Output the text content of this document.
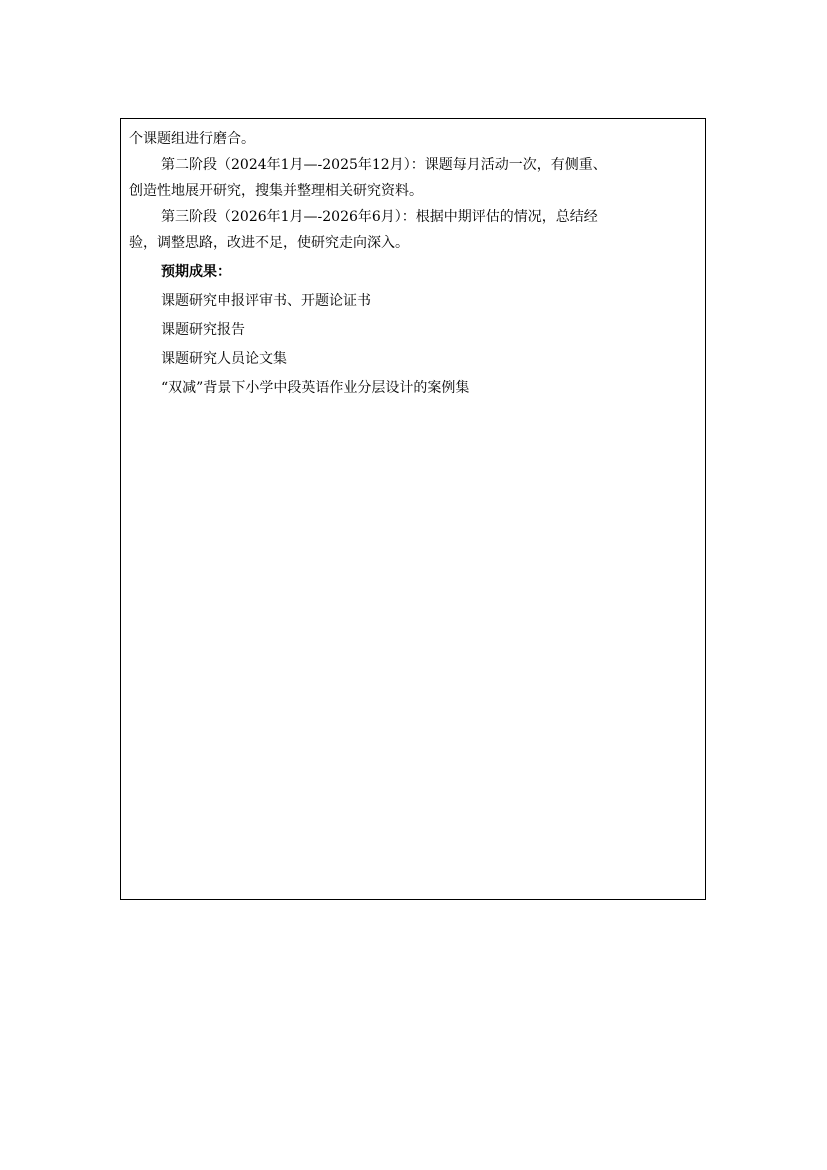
个课题组进行磨合。
第二阶段（2024年1月—-2025年12月）：课题每月活动一次，有侧重、
创造性地展开研究，搜集并整理相关研究资料。
第三阶段（2026年1月—-2026年6月）：根据中期评估的情况，总结经
验，调整思路，改进不足，使研究走向深入。
预期成果：
课题研究申报评审书、开题论证书
课题研究报告
课题研究人员论文集
“双减”背景下小学中段英语作业分层设计的案例集
